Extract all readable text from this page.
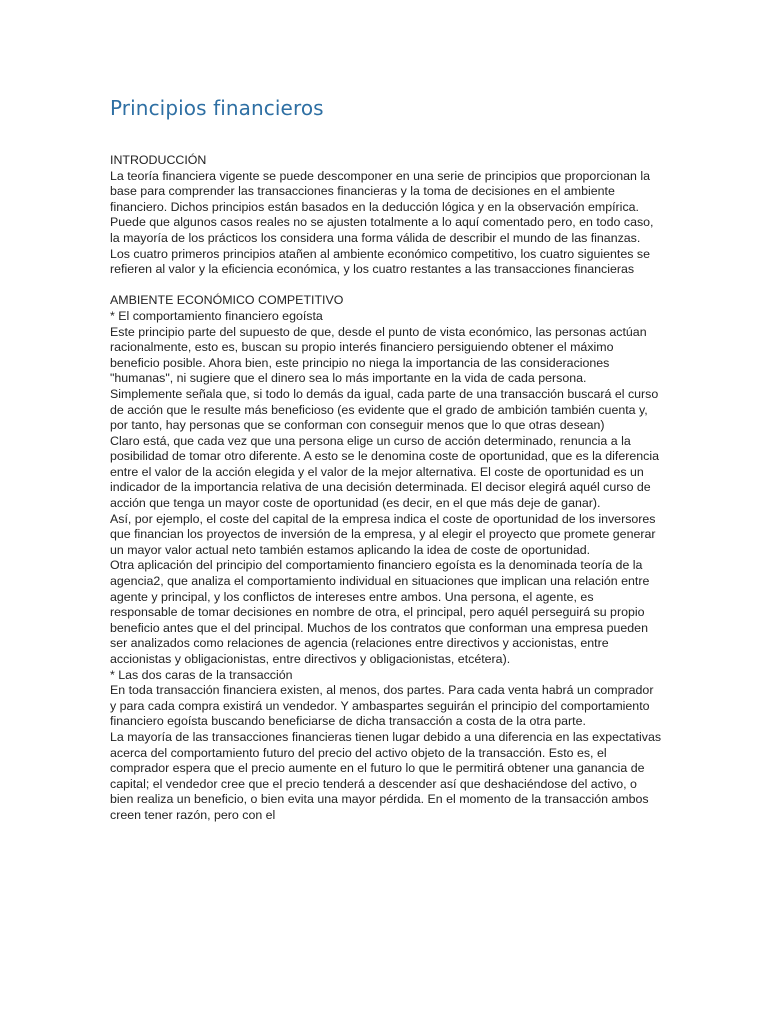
Principios financieros
INTRODUCCIÓN
La teoría financiera vigente se puede descomponer en una serie de principios que proporcionan la base para comprender las transacciones financieras y la toma de decisiones en el ambiente financiero. Dichos principios están basados en la deducción lógica y en la observación empírica. Puede que algunos casos reales no se ajusten totalmente a lo aquí comentado pero, en todo caso, la mayoría de los prácticos los considera una forma válida de describir el mundo de las finanzas.
Los cuatro primeros principios atañen al ambiente económico competitivo, los cuatro siguientes se refieren al valor y la eficiencia económica, y los cuatro restantes a las transacciones financieras
AMBIENTE ECONÓMICO COMPETITIVO
* El comportamiento financiero egoísta
Este principio parte del supuesto de que, desde el punto de vista económico, las personas actúan racionalmente, esto es, buscan su propio interés financiero persiguiendo obtener el máximo beneficio posible. Ahora bien, este principio no niega la importancia de las consideraciones "humanas", ni sugiere que el dinero sea lo más importante en la vida de cada persona. Simplemente señala que, si todo lo demás da igual, cada parte de una transacción buscará el curso de acción que le resulte más beneficioso (es evidente que el grado de ambición también cuenta y, por tanto, hay personas que se conforman con conseguir menos que lo que otras desean)
Claro está, que cada vez que una persona elige un curso de acción determinado, renuncia a la posibilidad de tomar otro diferente. A esto se le denomina coste de oportunidad, que es la diferencia entre el valor de la acción elegida y el valor de la mejor alternativa. El coste de oportunidad es un indicador de la importancia relativa de una decisión determinada. El decisor elegirá aquél curso de acción que tenga un mayor coste de oportunidad (es decir, en el que más deje de ganar).
Así, por ejemplo, el coste del capital de la empresa indica el coste de oportunidad de los inversores que financian los proyectos de inversión de la empresa, y al elegir el proyecto que promete generar un mayor valor actual neto también estamos aplicando la idea de coste de oportunidad.
Otra aplicación del principio del comportamiento financiero egoísta es la denominada teoría de la agencia2, que analiza el comportamiento individual en situaciones que implican una relación entre agente y principal, y los conflictos de intereses entre ambos. Una persona, el agente, es responsable de tomar decisiones en nombre de otra, el principal, pero aquél perseguirá su propio beneficio antes que el del principal. Muchos de los contratos que conforman una empresa pueden ser analizados como relaciones de agencia (relaciones entre directivos y accionistas, entre accionistas y obligacionistas, entre directivos y obligacionistas, etcétera).
* Las dos caras de la transacción
En toda transacción financiera existen, al menos, dos partes. Para cada venta habrá un comprador y para cada compra existirá un vendedor. Y ambaspartes seguirán el principio del comportamiento financiero egoísta buscando beneficiarse de dicha transacción a costa de la otra parte.
La mayoría de las transacciones financieras tienen lugar debido a una diferencia en las expectativas acerca del comportamiento futuro del precio del activo objeto de la transacción. Esto es, el comprador espera que el precio aumente en el futuro lo que le permitirá obtener una ganancia de capital; el vendedor cree que el precio tenderá a descender así que deshaciéndose del activo, o bien realiza un beneficio, o bien evita una mayor pérdida. En el momento de la transacción ambos creen tener razón, pero con el
